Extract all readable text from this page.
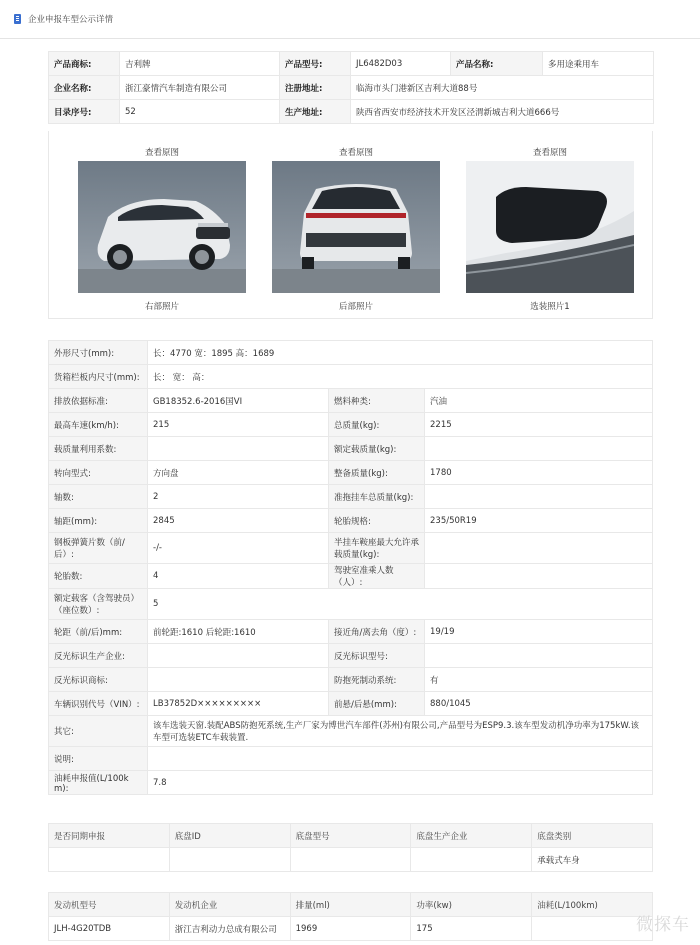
企业申报车型公示详情
产品商标:	吉利牌	产品型号:	JL6482D03	产品名称:	多用途乘用车
企业名称:	浙江豪情汽车制造有限公司	注册地址:	临海市头门港新区吉利大道88号		
目录序号:	52	生产地址:	陕西省西安市经济技术开发区泾渭新城吉利大道666号		
查看原图
右部照片
查看原图
后部照片
查看原图
选装照片1
外形尺寸(mm):	长：4770 宽：1895 高：1689		
货箱栏板内尺寸(mm):	长： 宽： 高：		
排放依据标准:	GB18352.6-2016国VI	燃料种类:	汽油
最高车速(km/h):	215	总质量(kg):	2215
载质量利用系数:		额定载质量(kg):	
转向型式:	方向盘	整备质量(kg):	1780
轴数:	2	准拖挂车总质量(kg):	
轴距(mm):	2845	轮胎规格:	235/50R19
钢板弹簧片数（前/后）:	-/-	半挂车鞍座最大允许承载质量(kg):	
轮胎数:	4	驾驶室准乘人数（人）:	
额定载客（含驾驶员）（座位数）:	5		
轮距（前/后)mm:	前轮距:1610 后轮距:1610	接近角/离去角（度）:	19/19
反光标识生产企业:		反光标识型号:	
反光标识商标:		防抱死制动系统:	有
车辆识别代号（VIN）:	LB37852D×××××××××	前悬/后悬(mm):	880/1045
其它:	该车选装天窗.装配ABS防抱死系统,生产厂家为博世汽车部件(苏州)有限公司,产品型号为ESP9.3.该车型发动机净功率为175kW.该车型可选装ETC车载装置.		
说明:			
油耗申报值(L/100km):	7.8		
是否同期申报	底盘ID	底盘型号	底盘生产企业	底盘类别
				承载式车身
发动机型号	发动机企业	排量(ml)	功率(kw)	油耗(L/100km)
JLH-4G20TDB	浙江吉利动力总成有限公司	1969	175		微探车
